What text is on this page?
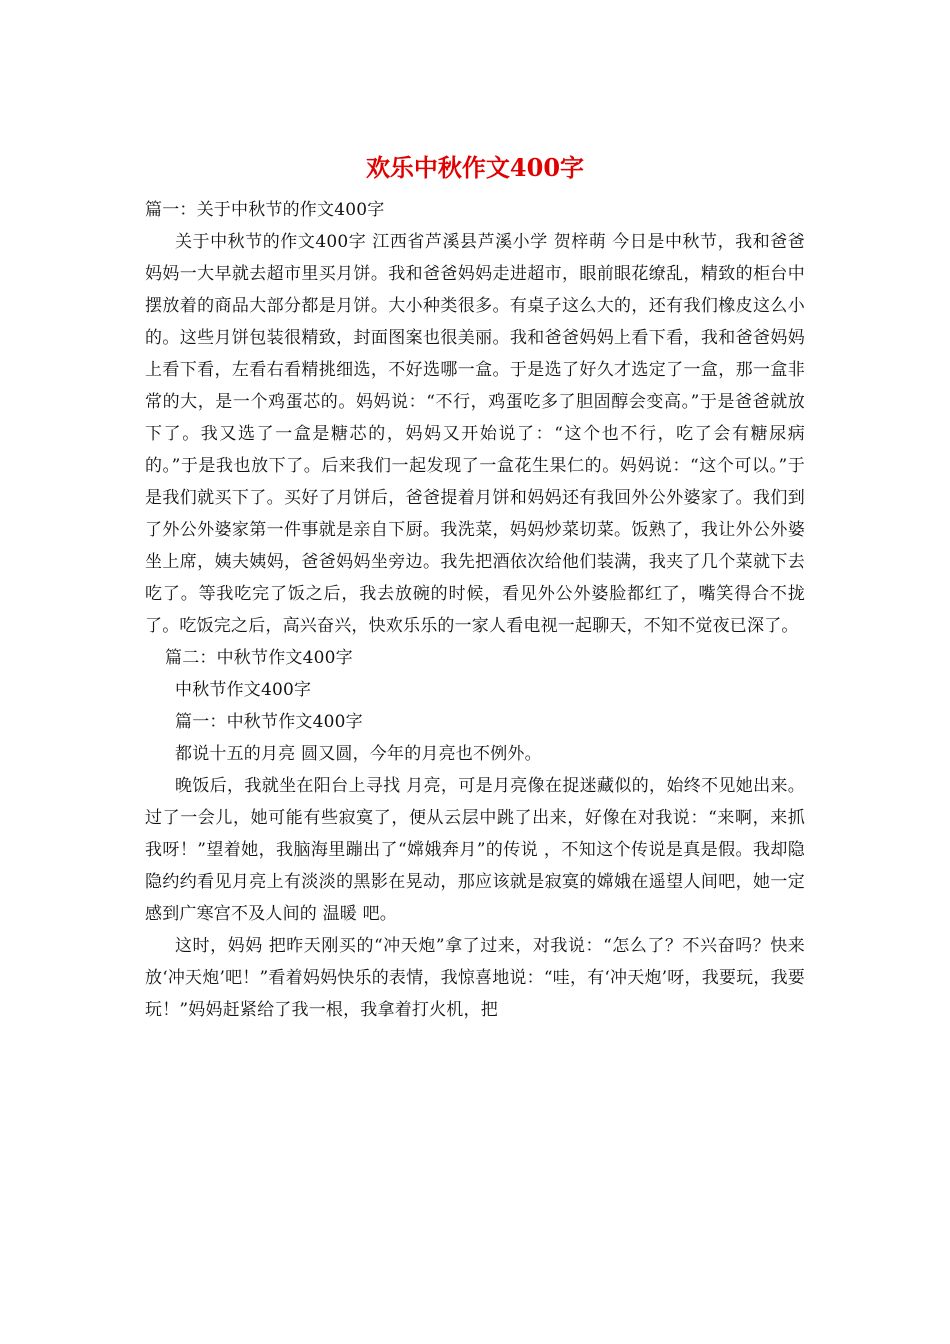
欢乐中秋作文400字

篇一：关于中秋节的作文400字

关于中秋节的作文400字 江西省芦溪县芦溪小学 贺梓萌 今日是中秋节，我和爸爸妈妈一大早就去超市里买月饼。我和爸爸妈妈走进超市，眼前眼花缭乱，精致的柜台中摆放着的商品大部分都是月饼。大小种类很多。有桌子这么大的，还有我们橡皮这么小的。这些月饼包装很精致，封面图案也很美丽。我和爸爸妈妈上看下看，我和爸爸妈妈上看下看，左看右看精挑细选，不好选哪一盒。于是选了好久才选定了一盒，那一盒非常的大，是一个鸡蛋芯的。妈妈说：“不行，鸡蛋吃多了胆固醇会变高。”于是爸爸就放下了。我又选了一盒是糖芯的，妈妈又开始说了：“这个也不行，吃了会有糖尿病的。”于是我也放下了。后来我们一起发现了一盒花生果仁的。妈妈说：“这个可以。”于是我们就买下了。买好了月饼后，爸爸提着月饼和妈妈还有我回外公外婆家了。我们到了外公外婆家第一件事就是亲自下厨。我洗菜，妈妈炒菜切菜。饭熟了，我让外公外婆坐上席，姨夫姨妈，爸爸妈妈坐旁边。我先把酒依次给他们装满，我夹了几个菜就下去吃了。等我吃完了饭之后，我去放碗的时候，看见外公外婆脸都红了，嘴笑得合不拢了。吃饭完之后，高兴奋兴，快欢乐乐的一家人看电视一起聊天，不知不觉夜已深了。

篇二：中秋节作文400字

中秋节作文400字

篇一：中秋节作文400字

都说十五的月亮 圆又圆，今年的月亮也不例外。

晚饭后，我就坐在阳台上寻找 月亮，可是月亮像在捉迷藏似的，始终不见她出来。过了一会儿，她可能有些寂寞了，便从云层中跳了出来，好像在对我说：“来啊，来抓我呀！”望着她，我脑海里蹦出了“嫦娥奔月”的传说 ，不知这个传说是真是假。我却隐隐约约看见月亮上有淡淡的黑影在晃动，那应该就是寂寞的嫦娥在遥望人间吧，她一定感到广寒宫不及人间的 温暖 吧。

这时，妈妈 把昨天刚买的“冲天炮”拿了过来，对我说：“怎么了？不兴奋吗？快来放‘冲天炮’吧！”看着妈妈快乐的表情，我惊喜地说：“哇，有‘冲天炮’呀，我要玩，我要玩！”妈妈赶紧给了我一根，我拿着打火机，把
